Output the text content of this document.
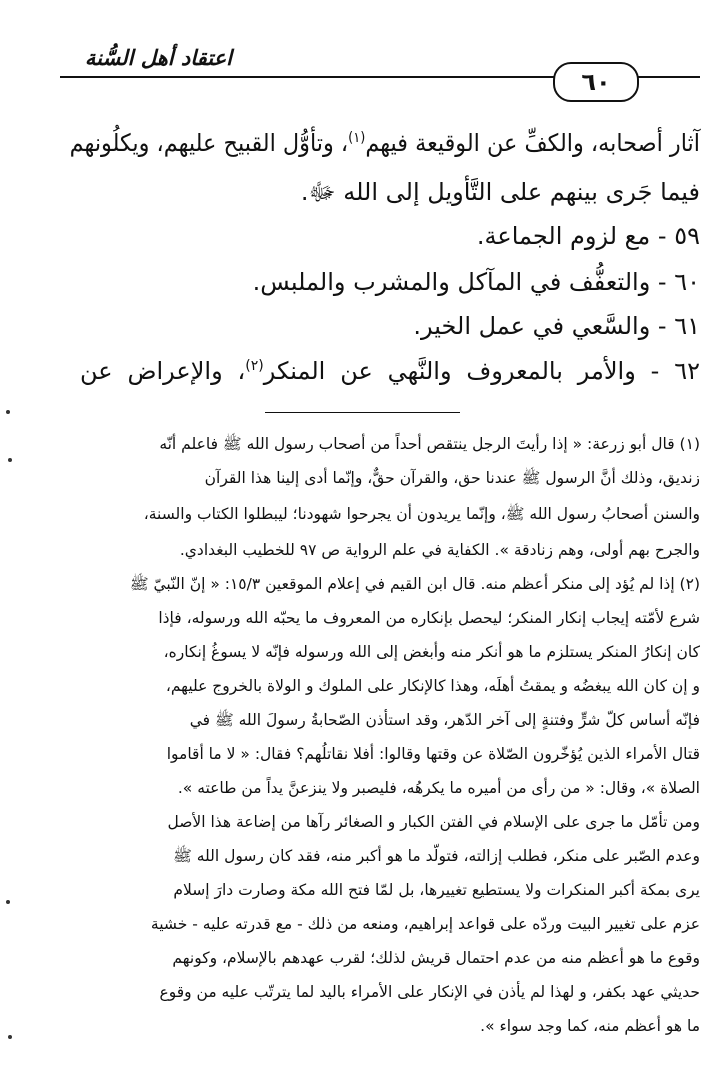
اعتقاد أهل السُّنة
٦٠
آثار أصحابه، والكفِّ عن الوقيعة فيهم$^{(١)}$، وتأوُّل القبيح عليهم، ويكلُونهم
فيما جَرى بينهم على التَّأويل إلى الله ﷻ.
٥٩ - مع لزوم الجماعة.
٦٠ - والتعفُّف في المآكل والمشرب والملبس.
٦١ - والسَّعي في عمل الخير.
٦٢ - والأمر بالمعروف والنَّهي عن المنكر$^{(٢)}$، والإعراض عن
(١) قال أبو زرعة: « إذا رأيتَ الرجل ينتقص أحداً من أصحاب رسول الله ﷺ فاعلم أنّه
زنديق، وذلك أنَّ الرسول ﷺ عندنا حق، والقرآن حقٌّ، وإنّما أدى إلينا هذا القرآن
والسنن أصحابُ رسول الله ﷺ، وإنّما يريدون أن يجرحوا شهودنا؛ ليبطلوا الكتاب والسنة،
والجرح بهم أولى، وهم زنادقة ». الكفاية في علم الرواية ص ٩٧ للخطيب البغدادي.
(٢) إذا لم يُؤد إلى منكر أعظم منه. قال ابن القيم في إعلام الموقعين ١٥/٣: « إنّ النّبيّ ﷺ
شرع لأمّته إيجاب إنكار المنكر؛ ليحصل بإنكاره من المعروف ما يحبّه الله ورسوله، فإذا
كان إنكارُ المنكر يستلزم ما هو أنكر منه وأبغض إلى الله ورسوله فإنّه لا يسوغُ إنكاره،
و إن كان الله يبغضُه و يمقتُ أهلَه، وهذا كالإنكار على الملوك و الولاة بالخروج عليهم،
فإنّه أساس كلّ شرٍّ وفتنةٍ إلى آخر الدّهر، وقد استأذن الصّحابةُ رسولَ الله ﷺ في
قتال الأمراء الذين يُؤخّرون الصّلاة عن وقتها وقالوا: أفلا نقاتلُهم؟ فقال: « لا ما أقاموا
الصلاة »، وقال: « من رأى من أميره ما يكرهُه، فليصبر ولا ينزعنَّ يداً من طاعته ».
ومن تأمّل ما جرى على الإسلام في الفتن الكبار و الصغائر رآها من إضاعة هذا الأصل
وعدم الصّبر على منكر، فطلب إزالته، فتولّد ما هو أكبر منه، فقد كان رسول الله ﷺ
يرى بمكة أكبر المنكرات ولا يستطيع تغييرها، بل لمّا فتح الله مكة وصارت دارَ إسلام
عزم على تغيير البيت وردّه على قواعد إبراهيم، ومنعه من ذلك - مع قدرته عليه - خشية
وقوع ما هو أعظم منه من عدم احتمال قريش لذلك؛ لقرب عهدهم بالإسلام، وكونهم
حديثي عهد بكفر، و لهذا لم يأذن في الإنكار على الأمراء باليد لما يترتّب عليه من وقوع
ما هو أعظم منه، كما وجد سواء ».
